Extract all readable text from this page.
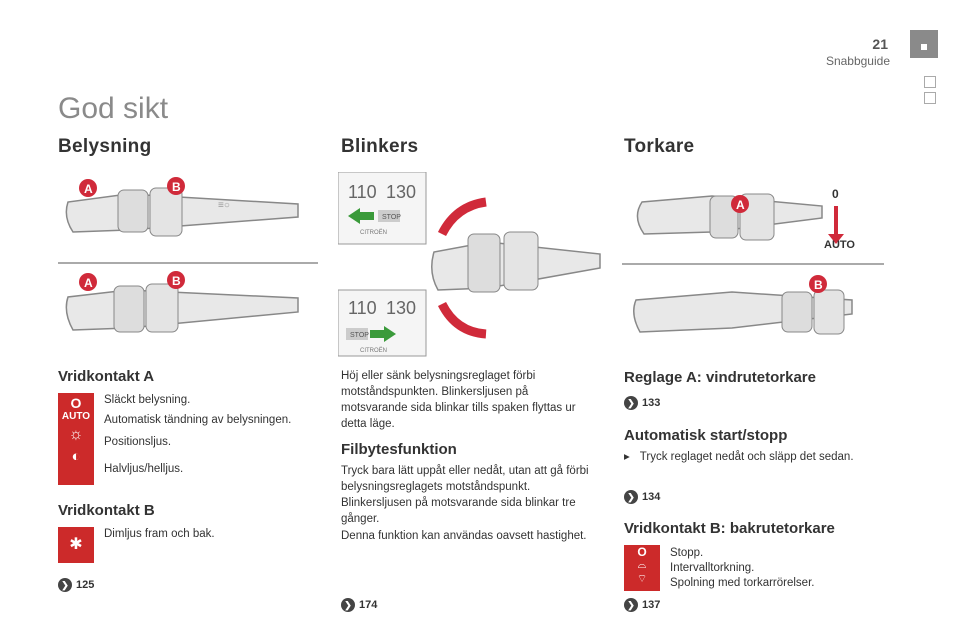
21
Snabbguide
God sikt
Belysning
≡○
A	B
A	B
Vridkontakt A
O
AUTO
☼
◐
Släckt belysning.
Automatisk tändning av belysningen.
Positionsljus.
Halvljus/helljus.
Vridkontakt B
✱
Dimljus fram och bak.
❯ 125
Blinkers
110 130
STOP
CITROËN
110 130
STOP
CITROËN
Höj eller sänk belysningsreglaget förbi motståndspunkten. Blinkersljusen på motsvarande sida blinkar tills spaken flyttas ur detta läge.
Filbytesfunktion
Tryck bara lätt uppåt eller nedåt, utan att gå förbi belysningsreglagets motståndspunkt. Blinkersljusen på motsvarande sida blinkar tre gånger.
Denna funktion kan användas oavsett hastighet.
❯ 174
Torkare
A
0
AUTO
B
Reglage A: vindrutetorkare
❯ 133
Automatisk start/stopp
▸ Tryck reglaget nedåt och släpp det sedan.
❯ 134
Vridkontakt B: bakrutetorkare
O
⌓
⌔
Stopp.
Intervalltorkning.
Spolning med torkarrörelser.
❯ 137
